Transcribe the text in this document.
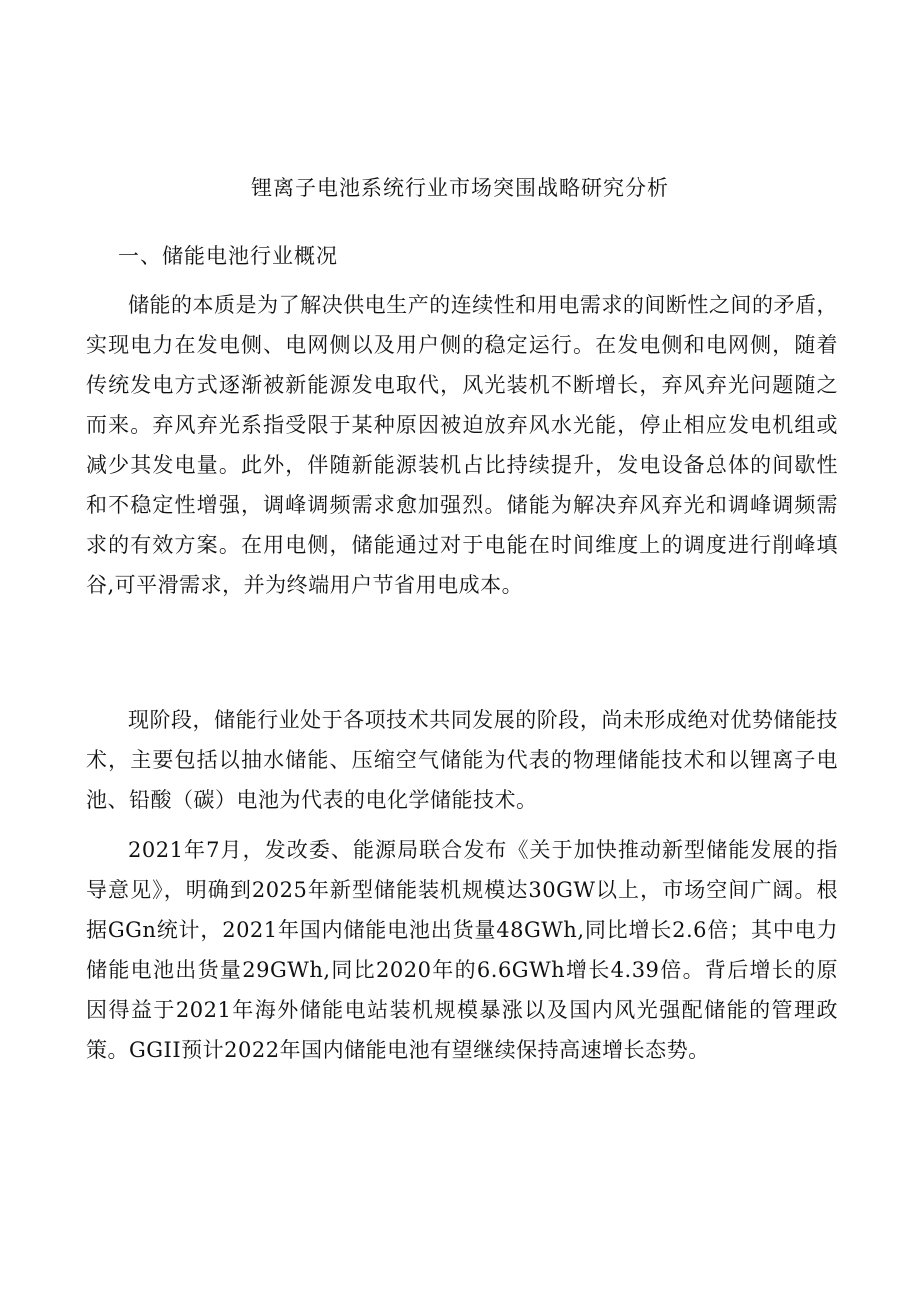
锂离子电池系统行业市场突围战略研究分析
一、储能电池行业概况

储能的本质是为了解决供电生产的连续性和用电需求的间断性之间的矛盾，实现电力在发电侧、电网侧以及用户侧的稳定运行。在发电侧和电网侧，随着传统发电方式逐渐被新能源发电取代，风光装机不断增长，弃风弃光问题随之而来。弃风弃光系指受限于某种原因被迫放弃风水光能，停止相应发电机组或减少其发电量。此外，伴随新能源装机占比持续提升，发电设备总体的间歇性和不稳定性增强，调峰调频需求愈加强烈。储能为解决弃风弃光和调峰调频需求的有效方案。在用电侧，储能通过对于电能在时间维度上的调度进行削峰填谷,可平滑需求，并为终端用户节省用电成本。

现阶段，储能行业处于各项技术共同发展的阶段，尚未形成绝对优势储能技术，主要包括以抽水储能、压缩空气储能为代表的物理储能技术和以锂离子电池、铅酸（碳）电池为代表的电化学储能技术。

2021年7月，发改委、能源局联合发布《关于加快推动新型储能发展的指导意见》，明确到2025年新型储能装机规模达30GW以上，市场空间广阔。根据GGn统计，2021年国内储能电池出货量48GWh,同比增长2.6倍；其中电力储能电池出货量29GWh,同比2020年的6.6GWh增长4.39倍。背后增长的原因得益于2021年海外储能电站装机规模暴涨以及国内风光强配储能的管理政策。GGII预计2022年国内储能电池有望继续保持高速增长态势。
